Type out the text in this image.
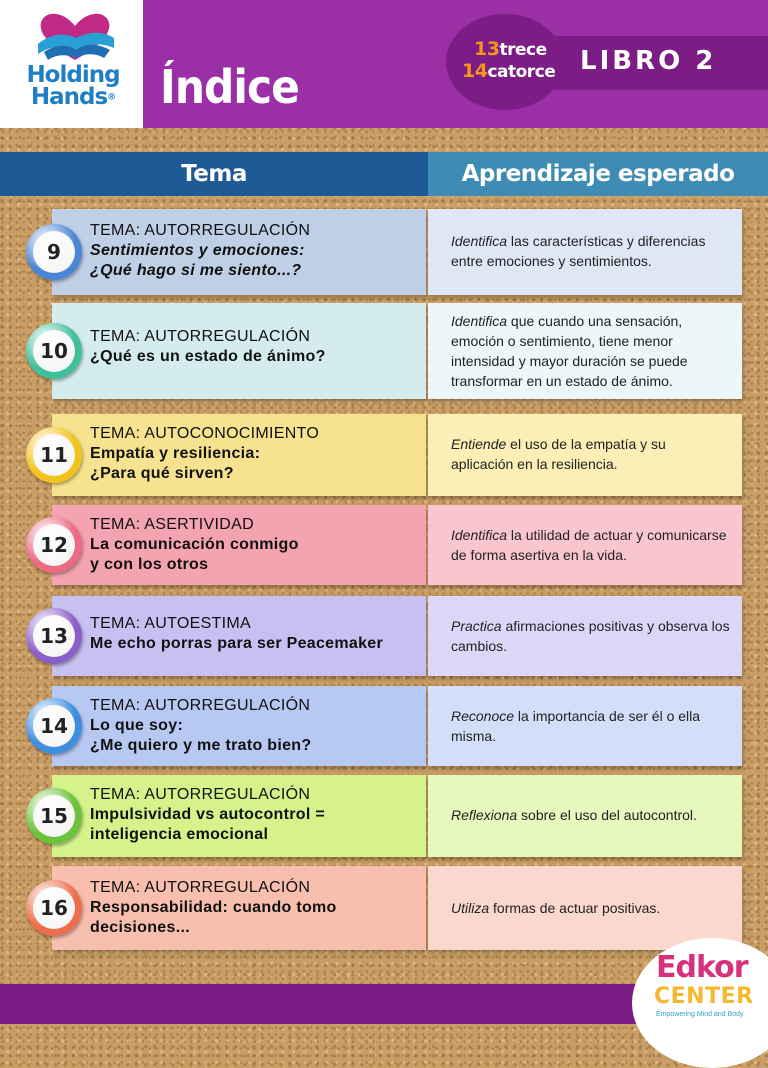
Holding
Hands® Índice	LIBRO 2
13trece
14catorce
Tema	Aprendizaje esperado
TEMA: AUTORREGULACIÓN
Sentimientos y emociones:
¿Qué hago si me siento...?
Identifica las características y diferencias entre emociones y sentimientos.
9
TEMA: AUTORREGULACIÓN
¿Qué es un estado de ánimo?
Identifica que cuando una sensación, emoción o sentimiento, tiene menor intensidad y mayor duración se puede transformar en un estado de ánimo.
10
TEMA: AUTOCONOCIMIENTO
Empatía y resiliencia:
¿Para qué sirven?
Entiende el uso de la empatía y su aplicación en la resiliencia.
11
TEMA: ASERTIVIDAD
La comunicación conmigo
y con los otros
Identifica la utilidad de actuar y comunicarse de forma asertiva en la vida.
12
TEMA: AUTOESTIMA
Me echo porras para ser Peacemaker
Practica afirmaciones positivas y observa los cambios.
13
TEMA: AUTORREGULACIÓN
Lo que soy:
¿Me quiero y me trato bien?
Reconoce la importancia de ser él o ella misma.
14
TEMA: AUTORREGULACIÓN
Impulsividad vs autocontrol =
inteligencia emocional
Reflexiona sobre el uso del autocontrol.
15
TEMA: AUTORREGULACIÓN
Responsabilidad: cuando tomo
decisiones...
Utiliza formas de actuar positivas.
16
Edkor
CENTER
Empowering Mind and Body
